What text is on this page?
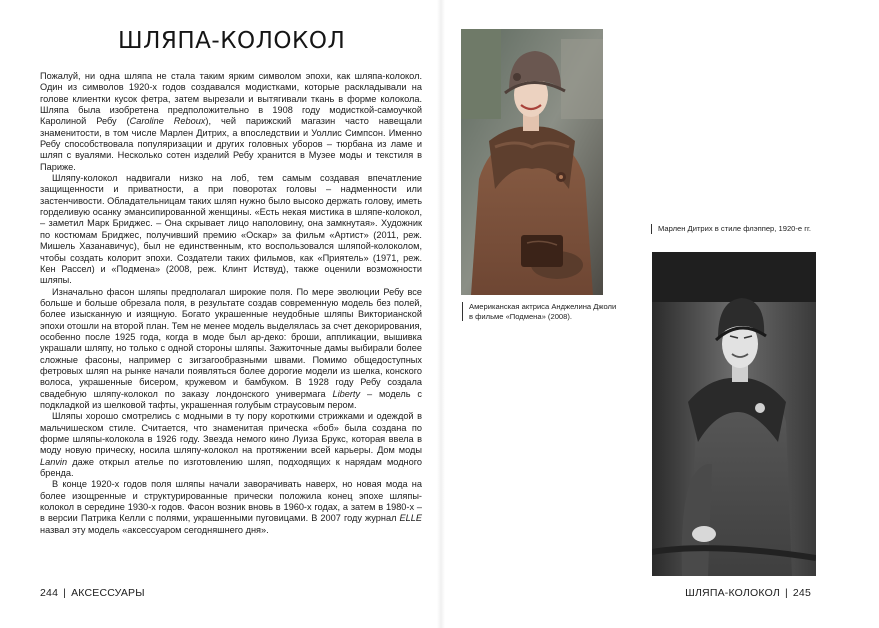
ШЛЯПА-КОЛОКОЛ

Пожалуй, ни одна шляпа не стала таким ярким символом эпохи, как шляпа-колокол. Один из символов 1920-х годов создавался модистками, которые раскладывали на голове клиентки кусок фетра, затем вырезали и вытягивали ткань в форме колокола. Шляпа была изобретена предположительно в 1908 году модисткой-самоучкой Каролиной Ребу (Caroline Reboux), чей парижский магазин часто навещали знаменитости, в том числе Марлен Дитрих, а впоследствии и Уоллис Симпсон. Именно Ребу способствовала популяризации и других головных уборов – тюрбана из ламе и шляп с вуалями. Несколько сотен изделий Ребу хранится в Музее моды и текстиля в Париже.

Шляпу-колокол надвигали низко на лоб, тем самым создавая впечатление защищенности и приватности, а при поворотах головы – надменности или застенчивости. Обладательницам таких шляп нужно было высоко держать голову, иметь горделивую осанку эмансипированной женщины. «Есть некая мистика в шляпе-колокол, – заметил Марк Бриджес. – Она скрывает лицо наполовину, она замкнутая». Художник по костюмам Бриджес, получивший премию «Оскар» за фильм «Артист» (2011, реж. Мишель Хазанавичус), был не единственным, кто воспользовался шляпой-колоколом, чтобы создать колорит эпохи. Создатели таких фильмов, как «Приятель» (1971, реж. Кен Рассел) и «Подмена» (2008, реж. Клинт Иствуд), также оценили возможности шляпы.

Изначально фасон шляпы предполагал широкие поля. По мере эволюции Ребу все больше и больше обрезала поля, в результате создав современную модель без полей, более изысканную и изящную. Богато украшенные неудобные шляпы Викторианской эпохи отошли на второй план. Тем не менее модель выделялась за счет декорирования, особенно после 1925 года, когда в моде был ар-деко: броши, аппликации, вышивка украшали шляпу, но только с одной стороны шляпы. Зажиточные дамы выбирали более сложные фасоны, например с зигзагообразными швами. Помимо общедоступных фетровых шляп на рынке начали появляться более дорогие модели из шелка, конского волоса, украшенные бисером, кружевом и бамбуком. В 1928 году Ребу создала свадебную шляпу-колокол по заказу лондонского универмага Liberty – модель с подкладкой из шелковой тафты, украшенная голубым страусовым пером.

Шляпы хорошо смотрелись с модными в ту пору короткими стрижками и одеждой в мальчишеском стиле. Считается, что знаменитая прическа «боб» была создана по форме шляпы-колокола в 1926 году. Звезда немого кино Луиза Брукс, которая ввела в моду новую прическу, носила шляпу-колокол на протяжении всей карьеры. Дом моды Lanvin даже открыл ателье по изготовлению шляп, подходящих к нарядам модного бренда.

В конце 1920-х годов поля шляпы начали заворачивать наверх, но новая мода на более изощренные и структурированные прически положила конец эпохе шляпы-колокол в середине 1930-х годов. Фасон возник вновь в 1960-х годах, а затем в 1980-х – в версии Патрика Келли с полями, украшенными пуговицами. В 2007 году журнал ELLE назвал эту модель «аксессуаром сегодняшнего дня».

244 | АКСЕССУАРЫ
Американская актриса Анджелина Джоли в фильме «Подмена» (2008).
Марлен Дитрих в стиле флэппер, 1920-е гг.
ШЛЯПА-КОЛОКОЛ | 245
